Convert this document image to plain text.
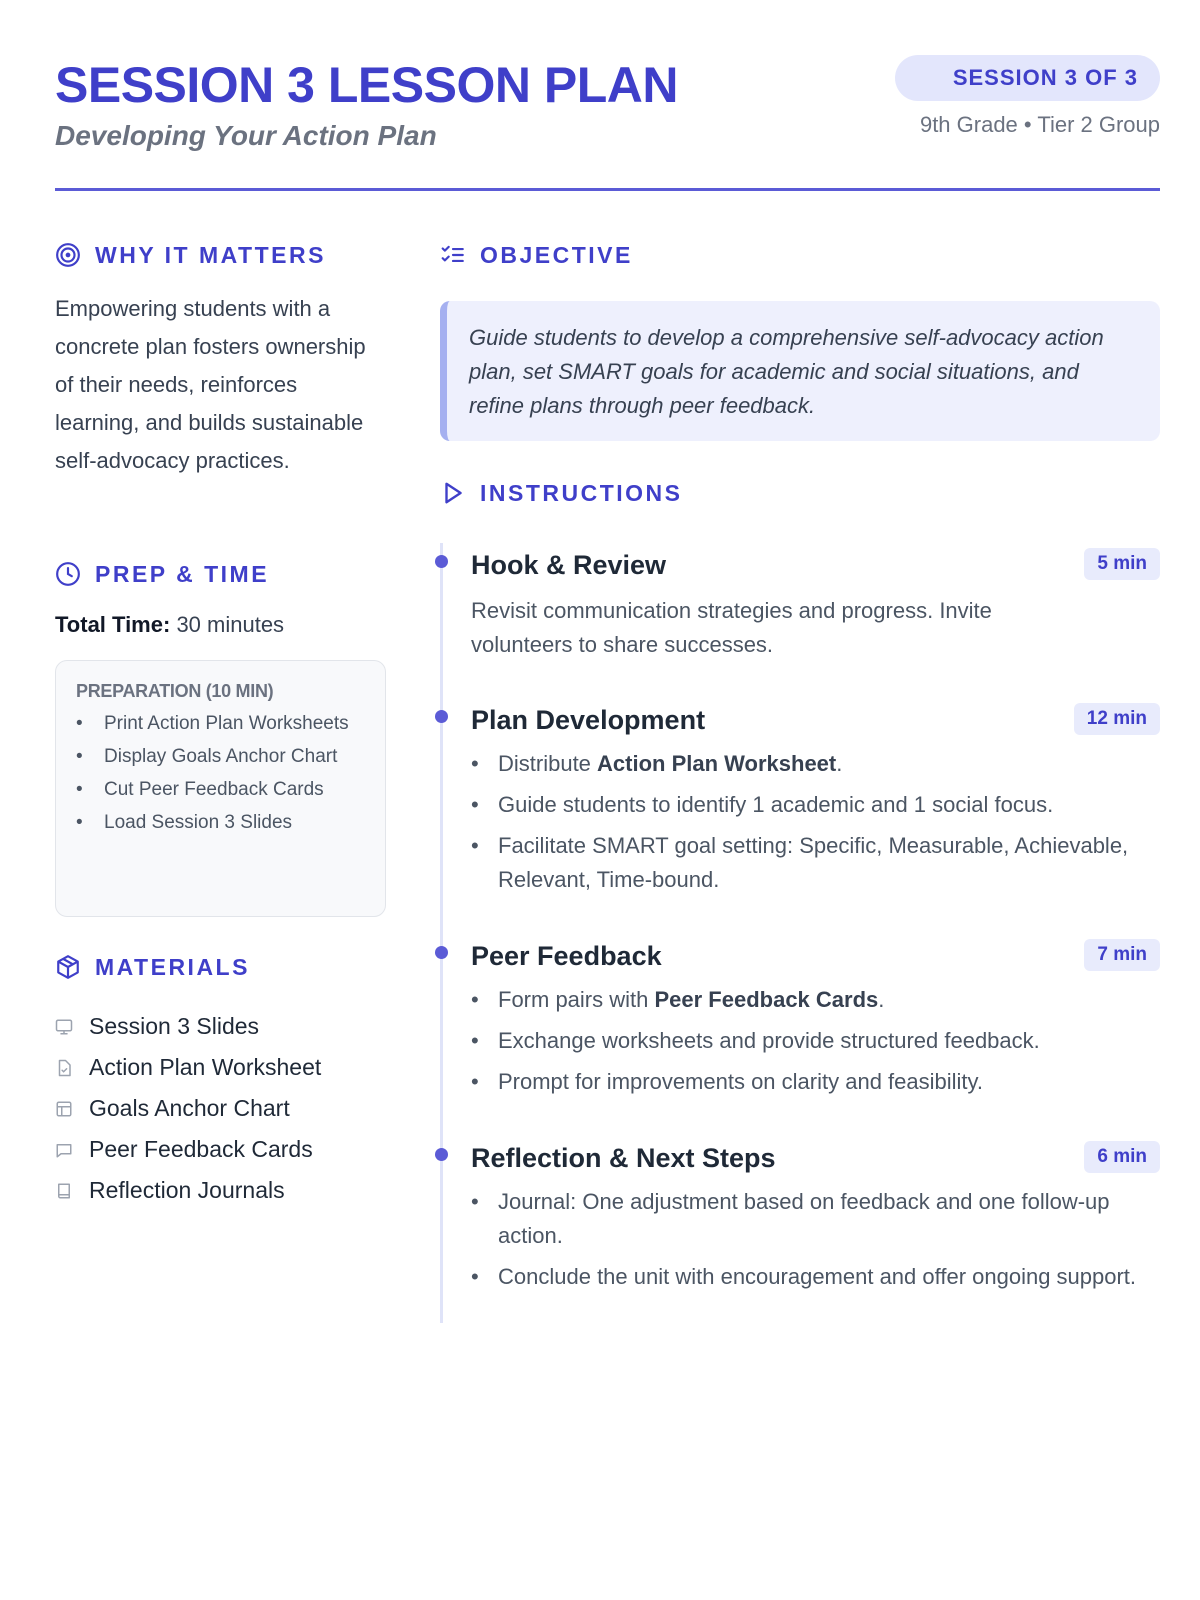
SESSION 3 LESSON PLAN
Developing Your Action Plan
SESSION 3 OF 3
9th Grade • Tier 2 Group
WHY IT MATTERS
Empowering students with a concrete plan fosters ownership of their needs, reinforces learning, and builds sustainable self-advocacy practices.
PREP & TIME
Total Time: 30 minutes
PREPARATION (10 MIN)
• Print Action Plan Worksheets
• Display Goals Anchor Chart
• Cut Peer Feedback Cards
• Load Session 3 Slides
MATERIALS
Session 3 Slides
Action Plan Worksheet
Goals Anchor Chart
Peer Feedback Cards
Reflection Journals
OBJECTIVE
Guide students to develop a comprehensive self-advocacy action plan, set SMART goals for academic and social situations, and refine plans through peer feedback.
INSTRUCTIONS
Hook & Review	5 min
Revisit communication strategies and progress. Invite volunteers to share successes.
Plan Development	12 min
• Distribute Action Plan Worksheet.
• Guide students to identify 1 academic and 1 social focus.
• Facilitate SMART goal setting: Specific, Measurable, Achievable, Relevant, Time-bound.
Peer Feedback	7 min
• Form pairs with Peer Feedback Cards.
• Exchange worksheets and provide structured feedback.
• Prompt for improvements on clarity and feasibility.
Reflection & Next Steps	6 min
• Journal: One adjustment based on feedback and one follow-up action.
• Conclude the unit with encouragement and offer ongoing support.
